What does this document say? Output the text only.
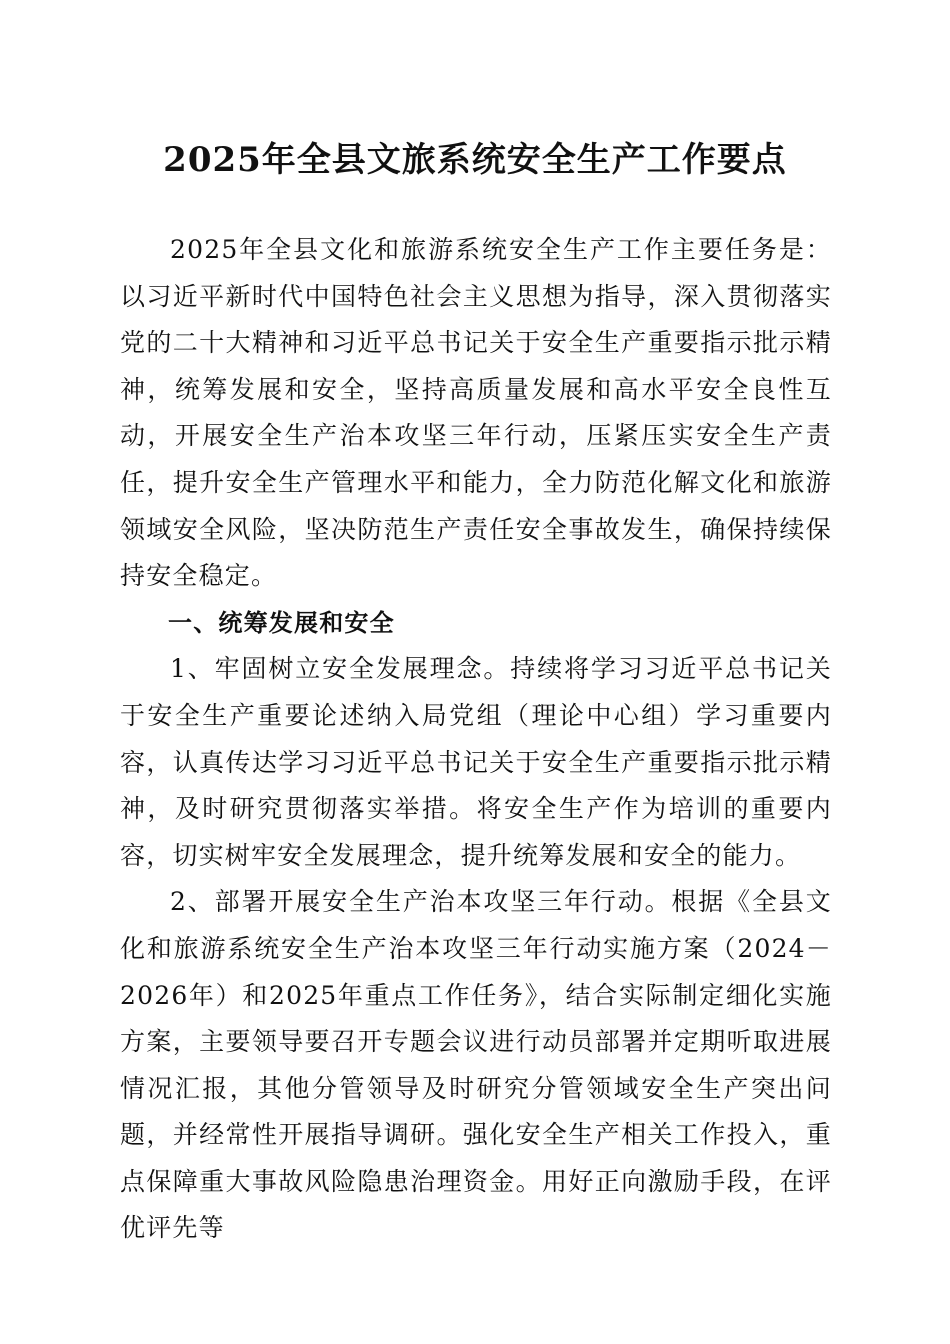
2025年全县文旅系统安全生产工作要点

2025年全县文化和旅游系统安全生产工作主要任务是：以习近平新时代中国特色社会主义思想为指导，深入贯彻落实党的二十大精神和习近平总书记关于安全生产重要指示批示精神，统筹发展和安全，坚持高质量发展和高水平安全良性互动，开展安全生产治本攻坚三年行动，压紧压实安全生产责任，提升安全生产管理水平和能力，全力防范化解文化和旅游领域安全风险，坚决防范生产责任安全事故发生，确保持续保持安全稳定。

一、统筹发展和安全

1、牢固树立安全发展理念。持续将学习习近平总书记关于安全生产重要论述纳入局党组（理论中心组）学习重要内容，认真传达学习习近平总书记关于安全生产重要指示批示精神，及时研究贯彻落实举措。将安全生产作为培训的重要内容，切实树牢安全发展理念，提升统筹发展和安全的能力。

2、部署开展安全生产治本攻坚三年行动。根据《全县文化和旅游系统安全生产治本攻坚三年行动实施方案（2024－2026年）和2025年重点工作任务》，结合实际制定细化实施方案，主要领导要召开专题会议进行动员部署并定期听取进展情况汇报，其他分管领导及时研究分管领域安全生产突出问题，并经常性开展指导调研。强化安全生产相关工作投入，重点保障重大事故风险隐患治理资金。用好正向激励手段，在评优评先等
